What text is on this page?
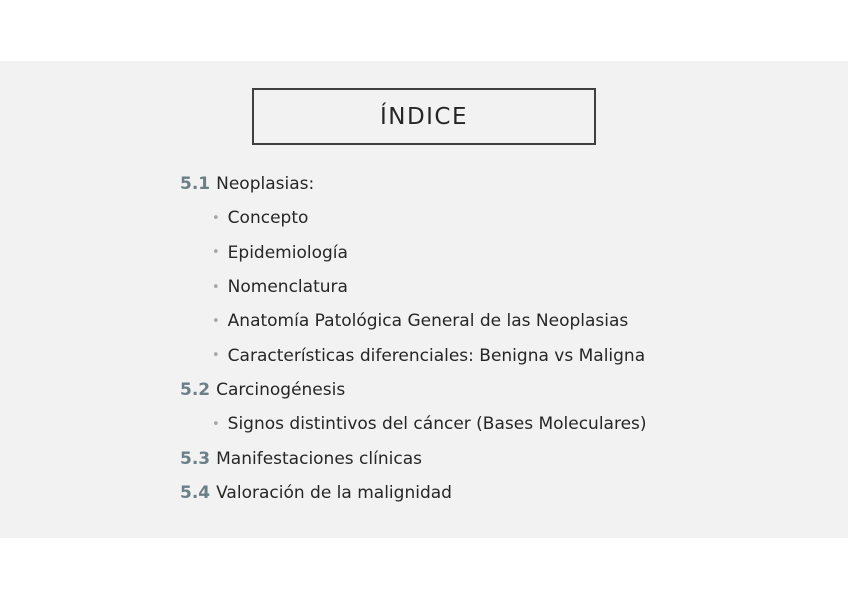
ÍNDICE
5.1 Neoplasias:
• Concepto
• Epidemiología
• Nomenclatura
• Anatomía Patológica General de las Neoplasias
• Características diferenciales: Benigna vs Maligna
5.2 Carcinogénesis
• Signos distintivos del cáncer (Bases Moleculares)
5.3 Manifestaciones clínicas
5.4 Valoración de la malignidad
